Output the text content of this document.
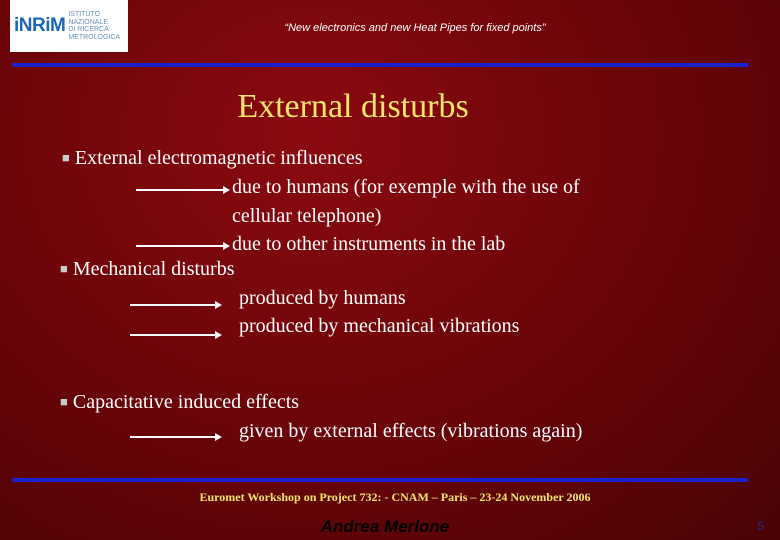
iNRiM
ISTITUTO
NAZIONALE
DI RICERCA
METROLOGICA
“New electronics and new Heat Pipes for fixed points”
External disturbs
■ External electromagnetic influences
due to humans (for exemple with the use of
cellular telephone)
due to other instruments in the lab
■ Mechanical disturbs
produced by humans
produced by mechanical vibrations
■ Capacitative induced effects
given by external effects (vibrations again)
Euromet Workshop on Project 732: - CNAM – Paris – 23-24 November 2006
Andrea Merlone	5
